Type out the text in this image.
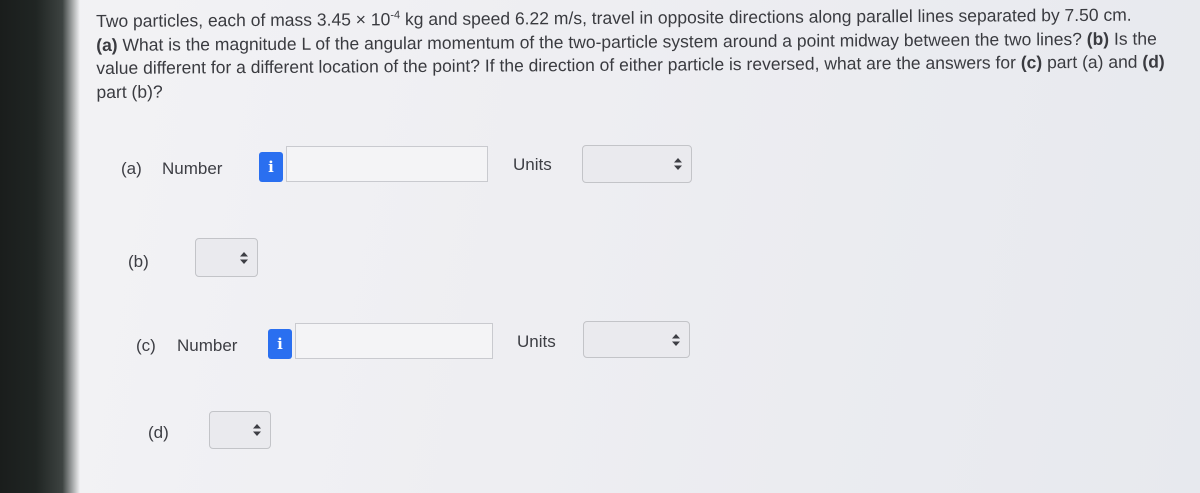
Two particles, each of mass $3.45 \times 10^{-4}$ kg and speed 6.22 m/s, travel in opposite directions along parallel lines separated by 7.50 cm.
(a) What is the magnitude L of the angular momentum of the two-particle system around a point midway between the two lines? (b) Is the value different for a different location of the point? If the direction of either particle is reversed, what are the answers for (c) part (a) and (d) part (b)?
(a) Number	i	Units
(b)
(c) Number	i	Units
(d)
